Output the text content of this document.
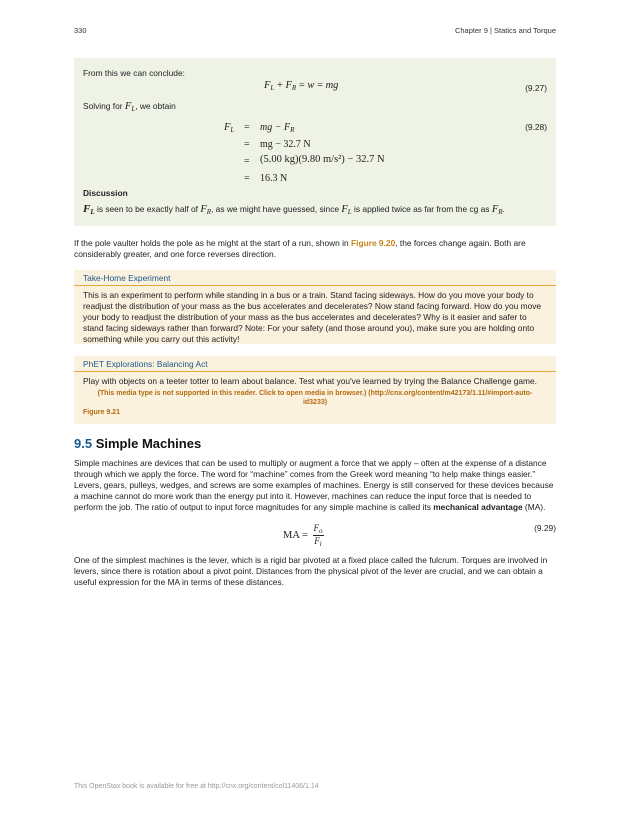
330	Chapter 9 | Statics and Torque
From this we can conclude:
$F_L + F_R = w$ = mg	(9.27)
Solving for $F_L$, we obtain
$F_L$ = mg − $F_R$	(9.28)
= mg − 32.7 N
= (5.00 kg)(9.80 m/s²) − 32.7 N
= 16.3 N
Discussion
$F_L$ is seen to be exactly half of $F_R$, as we might have guessed, since $F_L$ is applied twice as far from the cg as $F_R$.
If the pole vaulter holds the pole as he might at the start of a run, shown in Figure 9.20, the forces change again. Both are considerably greater, and one force reverses direction.
Take-Home Experiment
This is an experiment to perform while standing in a bus or a train. Stand facing sideways. How do you move your body to readjust the distribution of your mass as the bus accelerates and decelerates? Now stand facing forward. How do you move your body to readjust the distribution of your mass as the bus accelerates and decelerates? Why is it easier and safer to stand facing sideways rather than forward? Note: For your safety (and those around you), make sure you are holding onto something while you carry out this activity!
PhET Explorations: Balancing Act
Play with objects on a teeter totter to learn about balance. Test what you've learned by trying the Balance Challenge game.
(This media type is not supported in this reader. Click to open media in browser.) (http://cnx.org/content/m42173/1.11/#import-auto-id3233)
Figure 9.21
9.5 Simple Machines
Simple machines are devices that can be used to multiply or augment a force that we apply – often at the expense of a distance through which we apply the force. The word for “machine” comes from the Greek word meaning “to help make things easier.” Levers, gears, pulleys, wedges, and screws are some examples of machines. Energy is still conserved for these devices because a machine cannot do more work than the energy put into it. However, machines can reduce the input force that is needed to perform the job. The ratio of output to input force magnitudes for any simple machine is called its mechanical advantage (MA).
MA = $\frac{F_o}{F_i}$	(9.29)
One of the simplest machines is the lever, which is a rigid bar pivoted at a fixed place called the fulcrum. Torques are involved in levers, since there is rotation about a pivot point. Distances from the physical pivot of the lever are crucial, and we can obtain a useful expression for the MA in terms of these distances.
This OpenStax book is available for free at http://cnx.org/content/col11406/1.14
